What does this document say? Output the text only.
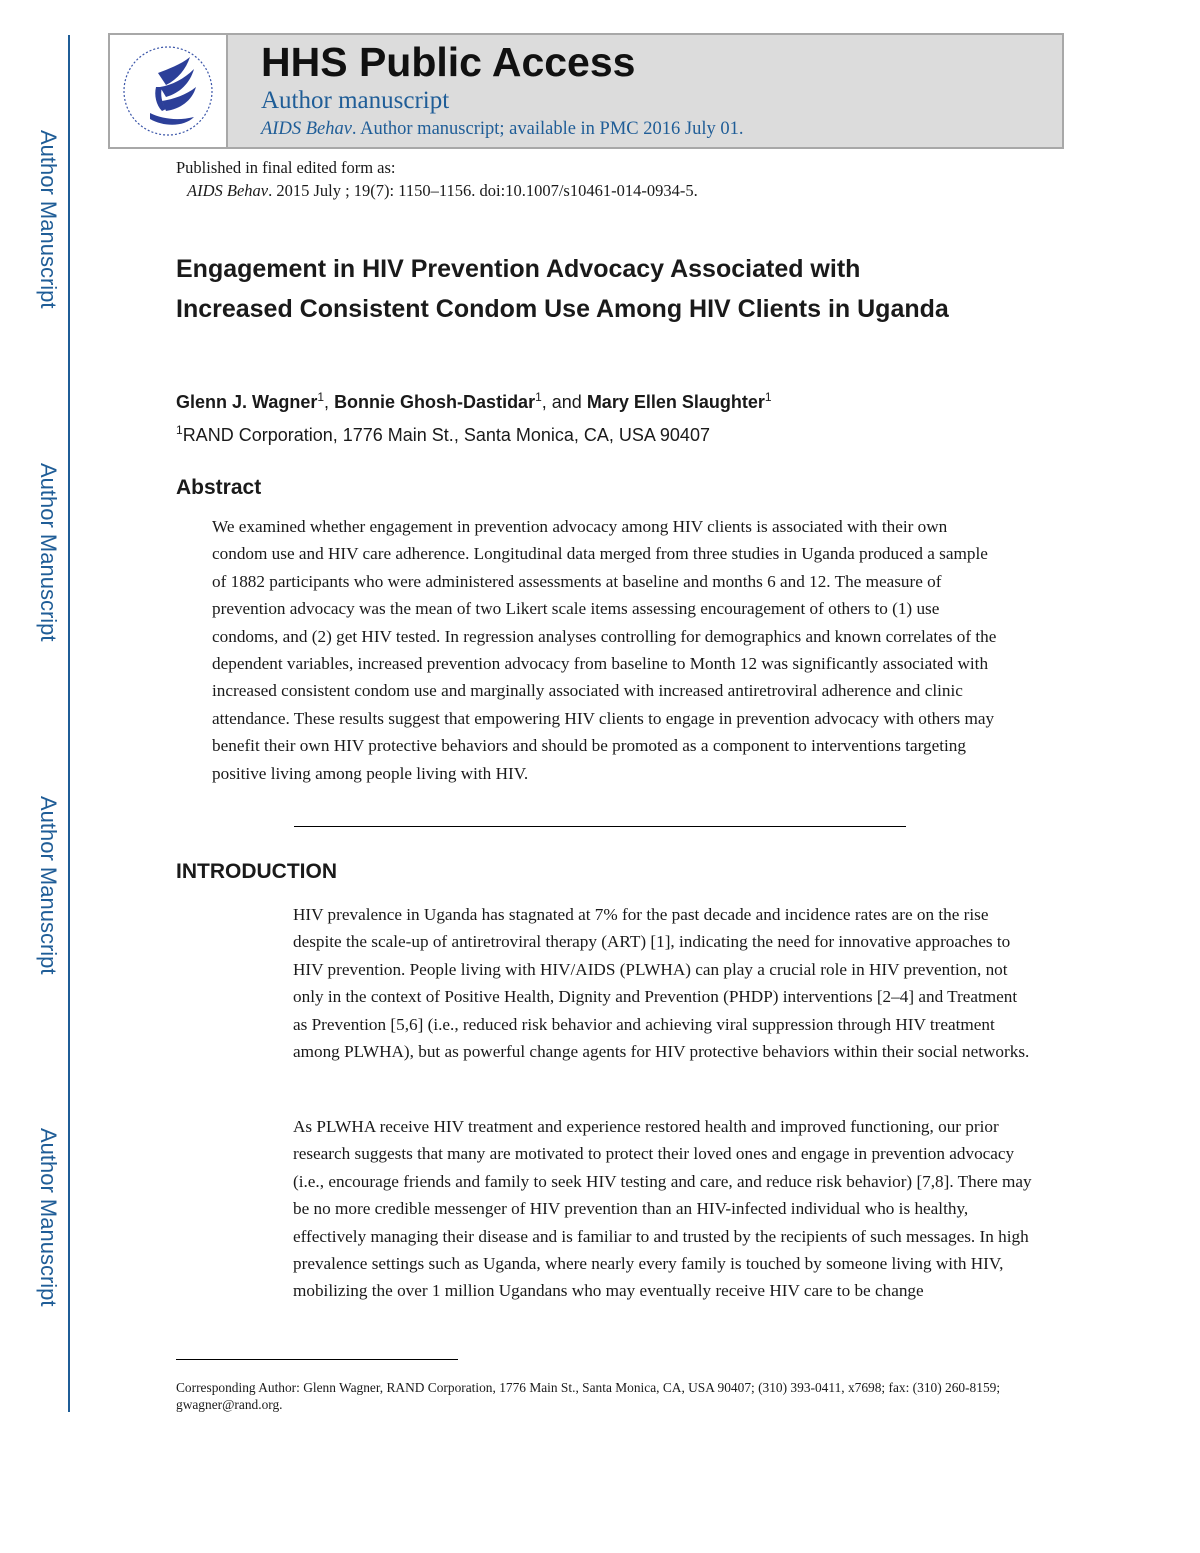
Author Manuscript
Author Manuscript
Author Manuscript
Author Manuscript
HHS Public Access
Author manuscript
AIDS Behav. Author manuscript; available in PMC 2016 July 01.
Published in final edited form as:
AIDS Behav. 2015 July ; 19(7): 1150–1156. doi:10.1007/s10461-014-0934-5.
Engagement in HIV Prevention Advocacy Associated with Increased Consistent Condom Use Among HIV Clients in Uganda
Glenn J. Wagner$^1$, Bonnie Ghosh-Dastidar$^1$, and Mary Ellen Slaughter$^1$
$^1$RAND Corporation, 1776 Main St., Santa Monica, CA, USA 90407
Abstract
We examined whether engagement in prevention advocacy among HIV clients is associated with their own condom use and HIV care adherence. Longitudinal data merged from three studies in Uganda produced a sample of 1882 participants who were administered assessments at baseline and months 6 and 12. The measure of prevention advocacy was the mean of two Likert scale items assessing encouragement of others to (1) use condoms, and (2) get HIV tested. In regression analyses controlling for demographics and known correlates of the dependent variables, increased prevention advocacy from baseline to Month 12 was significantly associated with increased consistent condom use and marginally associated with increased antiretroviral adherence and clinic attendance. These results suggest that empowering HIV clients to engage in prevention advocacy with others may benefit their own HIV protective behaviors and should be promoted as a component to interventions targeting positive living among people living with HIV.
INTRODUCTION
HIV prevalence in Uganda has stagnated at 7% for the past decade and incidence rates are on the rise despite the scale-up of antiretroviral therapy (ART) [1], indicating the need for innovative approaches to HIV prevention. People living with HIV/AIDS (PLWHA) can play a crucial role in HIV prevention, not only in the context of Positive Health, Dignity and Prevention (PHDP) interventions [2–4] and Treatment as Prevention [5,6] (i.e., reduced risk behavior and achieving viral suppression through HIV treatment among PLWHA), but as powerful change agents for HIV protective behaviors within their social networks.
As PLWHA receive HIV treatment and experience restored health and improved functioning, our prior research suggests that many are motivated to protect their loved ones and engage in prevention advocacy (i.e., encourage friends and family to seek HIV testing and care, and reduce risk behavior) [7,8]. There may be no more credible messenger of HIV prevention than an HIV-infected individual who is healthy, effectively managing their disease and is familiar to and trusted by the recipients of such messages. In high prevalence settings such as Uganda, where nearly every family is touched by someone living with HIV, mobilizing the over 1 million Ugandans who may eventually receive HIV care to be change
Corresponding Author: Glenn Wagner, RAND Corporation, 1776 Main St., Santa Monica, CA, USA 90407; (310) 393-0411, x7698; fax: (310) 260-8159; gwagner@rand.org.
